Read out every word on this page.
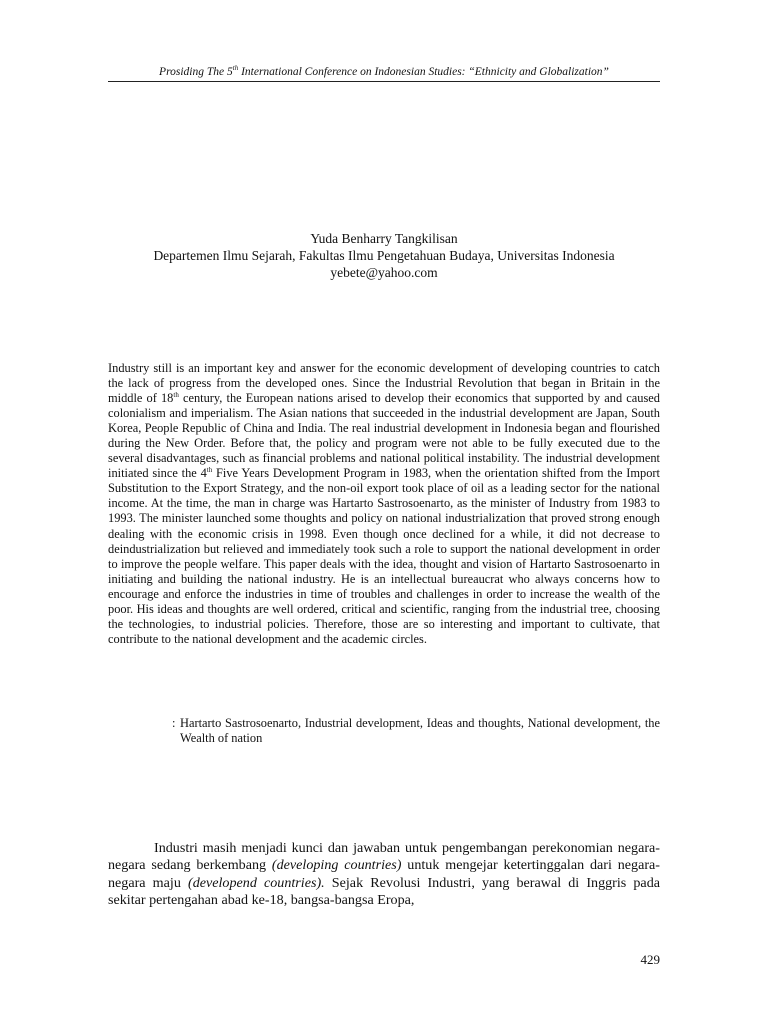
Prosiding The 5th International Conference on Indonesian Studies: “Ethnicity and Globalization”
Yuda Benharry Tangkilisan
Departemen Ilmu Sejarah, Fakultas Ilmu Pengetahuan Budaya, Universitas Indonesia
yebete@yahoo.com
Industry still is an important key and answer for the economic development of developing countries to catch the lack of progress from the developed ones. Since the Industrial Revolution that began in Britain in the middle of 18th century, the European nations arised to develop their economics that supported by and caused colonialism and imperialism. The Asian nations that succeeded in the industrial development are Japan, South Korea, People Republic of China and India. The real industrial development in Indonesia began and flourished during the New Order. Before that, the policy and program were not able to be fully executed due to the several disadvantages, such as financial problems and national political instability. The industrial development initiated since the 4th Five Years Development Program in 1983, when the orientation shifted from the Import Substitution to the Export Strategy, and the non-oil export took place of oil as a leading sector for the national income. At the time, the man in charge was Hartarto Sastrosoenarto, as the minister of Industry from 1983 to 1993. The minister launched some thoughts and policy on national industrialization that proved strong enough dealing with the economic crisis in 1998. Even though once declined for a while, it did not decrease to deindustrialization but relieved and immediately took such a role to support the national development in order to improve the people welfare. This paper deals with the idea, thought and vision of Hartarto Sastrosoenarto in initiating and building the national industry. He is an intellectual bureaucrat who always concerns how to encourage and enforce the industries in time of troubles and challenges in order to increase the wealth of the poor. His ideas and thoughts are well ordered, critical and scientific, ranging from the industrial tree, choosing the technologies, to industrial policies. Therefore, those are so interesting and important to cultivate, that contribute to the national development and the academic circles.
: Hartarto Sastrosoenarto, Industrial development, Ideas and thoughts, National development, the Wealth of nation
Industri masih menjadi kunci dan jawaban untuk pengembangan perekonomian negara-negara sedang berkembang (developing countries) untuk mengejar ketertinggalan dari negara-negara maju (developend countries). Sejak Revolusi Industri, yang berawal di Inggris pada sekitar pertengahan abad ke-18, bangsa-bangsa Eropa,
429
